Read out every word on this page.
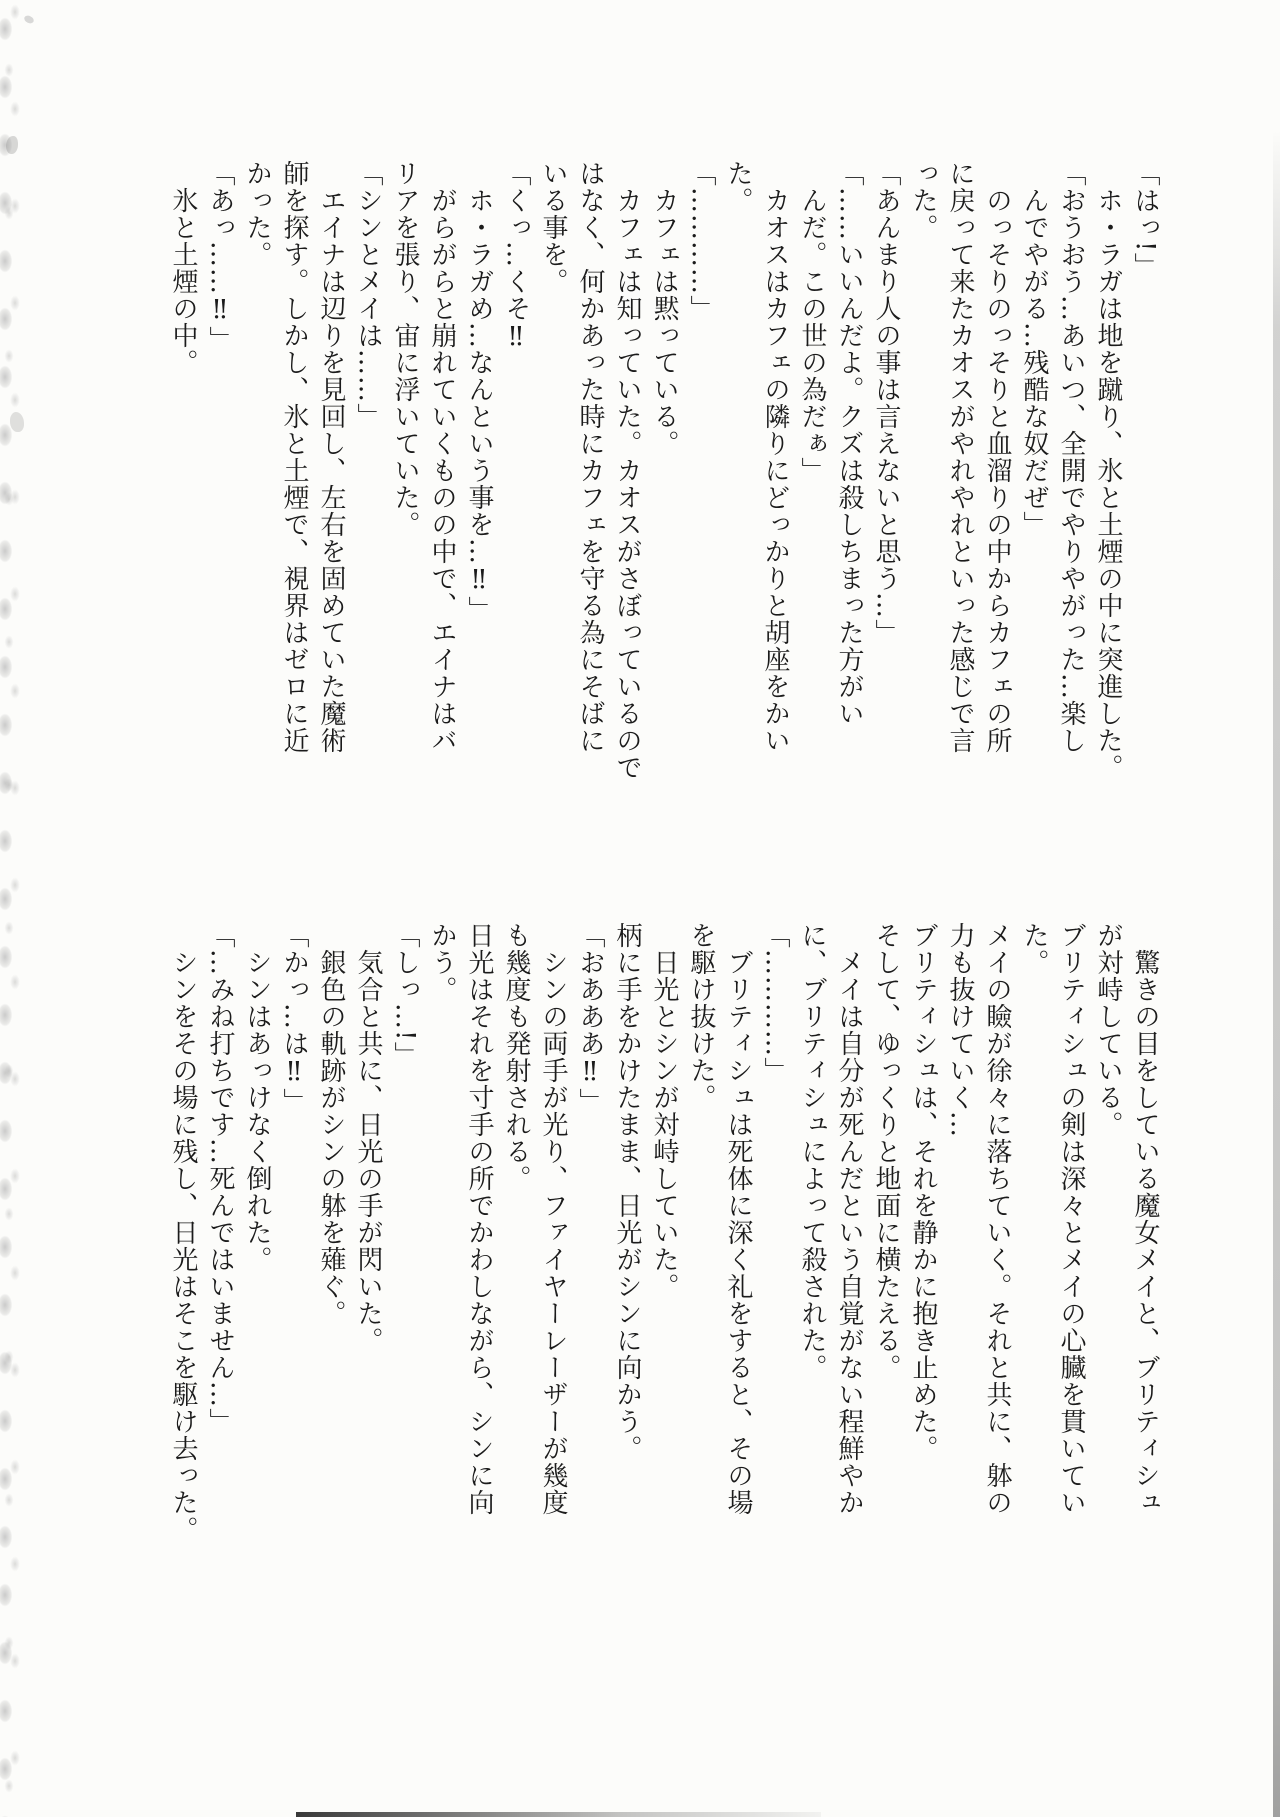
「はっ!」
ホ・ラガは地を蹴り、氷と土煙の中に突進した。
「おうおう…あいつ、全開でやりやがった…楽し
んでやがる…残酷な奴だぜ」
のっそりのっそりと血溜りの中からカフェの所
に戻って来たカオスがやれやれといった感じで言
った。
「あんまり人の事は言えないと思う…」
「……いいんだよ。クズは殺しちまった方がい
んだ。この世の為だぁ」
カオスはカフェの隣りにどっかりと胡座をかい
た。
「…………」
カフェは黙っている。
カフェは知っていた。カオスがさぼっているので
はなく、何かあった時にカフェを守る為にそばに
いる事を。
「くっ…くそ‼
ホ・ラガめ…なんという事を…‼」
がらがらと崩れていくものの中で、エイナはバ
リアを張り、宙に浮いていた。
「シンとメイは……」
エイナは辺りを見回し、左右を固めていた魔術
師を探す。しかし、氷と土煙で、視界はゼロに近
かった。
「あっ……‼」
氷と土煙の中。
驚きの目をしている魔女メイと、ブリティシュ
が対峙している。
ブリティシュの剣は深々とメイの心臓を貫いてい
た。
メイの瞼が徐々に落ちていく。それと共に、躰の
力も抜けていく…
ブリティシュは、それを静かに抱き止めた。
そして、ゆっくりと地面に横たえる。
メイは自分が死んだという自覚がない程鮮やか
に、ブリティシュによって殺された。
「…………」
ブリティシュは死体に深く礼をすると、その場
を駆け抜けた。
日光とシンが対峙していた。
柄に手をかけたまま、日光がシンに向かう。
「おあああ‼」
シンの両手が光り、ファイヤーレーザーが幾度
も幾度も発射される。
日光はそれを寸手の所でかわしながら、シンに向
かう。
「しっ…!」
気合と共に、日光の手が閃いた。
銀色の軌跡がシンの躰を薙ぐ。
「かっ…は‼」
シンはあっけなく倒れた。
「…みね打ちです…死んではいません…」
シンをその場に残し、日光はそこを駆け去った。
